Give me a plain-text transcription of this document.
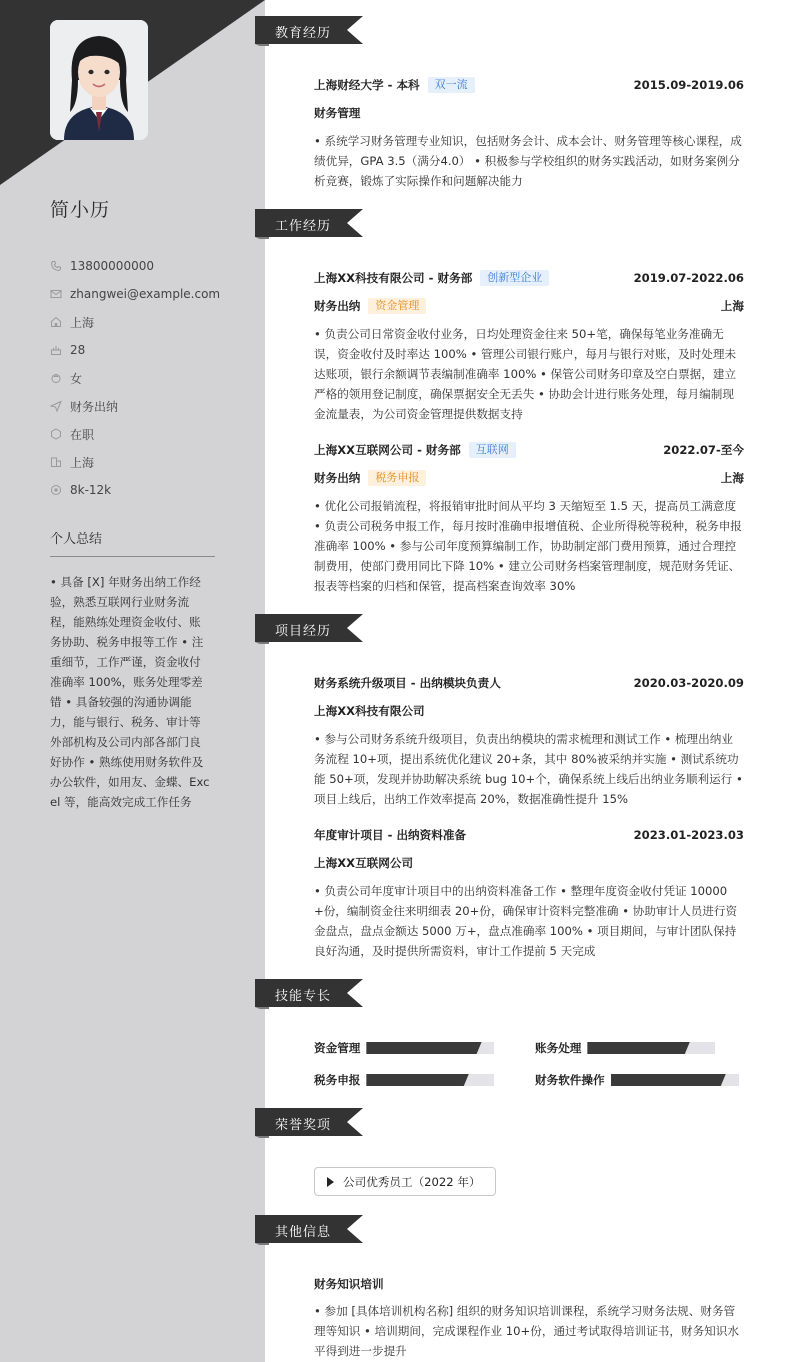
简小历
13800000000
zhangwei@example.com
上海
28
女
财务出纳
在职
上海
8k-12k
个人总结
• 具备 [X] 年财务出纳工作经验，熟悉互联网行业财务流程，能熟练处理资金收付、账务协助、税务申报等工作 • 注重细节，工作严谨，资金收付准确率 100%，账务处理零差错 • 具备较强的沟通协调能力，能与银行、税务、审计等外部机构及公司内部各部门良好协作 • 熟练使用财务软件及办公软件，如用友、金蝶、Excel 等，能高效完成工作任务
教育经历
上海财经大学 - 本科	双一流	2015.09-2019.06
财务管理
• 系统学习财务管理专业知识，包括财务会计、成本会计、财务管理等核心课程，成绩优异，GPA 3.5（满分4.0） • 积极参与学校组织的财务实践活动，如财务案例分析竞赛，锻炼了实际操作和问题解决能力
工作经历
上海XX科技有限公司 - 财务部	创新型企业	2019.07-2022.06
财务出纳	资金管理	上海
• 负责公司日常资金收付业务，日均处理资金往来 50+笔，确保每笔业务准确无误，资金收付及时率达 100% • 管理公司银行账户，每月与银行对账，及时处理未达账项，银行余额调节表编制准确率 100% • 保管公司财务印章及空白票据，建立严格的领用登记制度，确保票据安全无丢失 • 协助会计进行账务处理，每月编制现金流量表，为公司资金管理提供数据支持
上海XX互联网公司 - 财务部	互联网	2022.07-至今
财务出纳	税务申报	上海
• 优化公司报销流程，将报销审批时间从平均 3 天缩短至 1.5 天，提高员工满意度 • 负责公司税务申报工作，每月按时准确申报增值税、企业所得税等税种，税务申报准确率 100% • 参与公司年度预算编制工作，协助制定部门费用预算，通过合理控制费用，使部门费用同比下降 10% • 建立公司财务档案管理制度，规范财务凭证、报表等档案的归档和保管，提高档案查询效率 30%
项目经历
财务系统升级项目 - 出纳模块负责人	2020.03-2020.09
上海XX科技有限公司
• 参与公司财务系统升级项目，负责出纳模块的需求梳理和测试工作 • 梳理出纳业务流程 10+项，提出系统优化建议 20+条，其中 80%被采纳并实施 • 测试系统功能 50+项，发现并协助解决系统 bug 10+个，确保系统上线后出纳业务顺利运行 • 项目上线后，出纳工作效率提高 20%，数据准确性提升 15%
年度审计项目 - 出纳资料准备	2023.01-2023.03
上海XX互联网公司
• 负责公司年度审计项目中的出纳资料准备工作 • 整理年度资金收付凭证 10000+份，编制资金往来明细表 20+份，确保审计资料完整准确 • 协助审计人员进行资金盘点，盘点金额达 5000 万+，盘点准确率 100% • 项目期间，与审计团队保持良好沟通，及时提供所需资料，审计工作提前 5 天完成
技能专长
资金管理	账务处理
税务申报	财务软件操作
荣誉奖项
公司优秀员工（2022 年）
其他信息
财务知识培训
• 参加 [具体培训机构名称] 组织的财务知识培训课程，系统学习财务法规、财务管理等知识 • 培训期间，完成课程作业 10+份，通过考试取得培训证书，财务知识水平得到进一步提升
